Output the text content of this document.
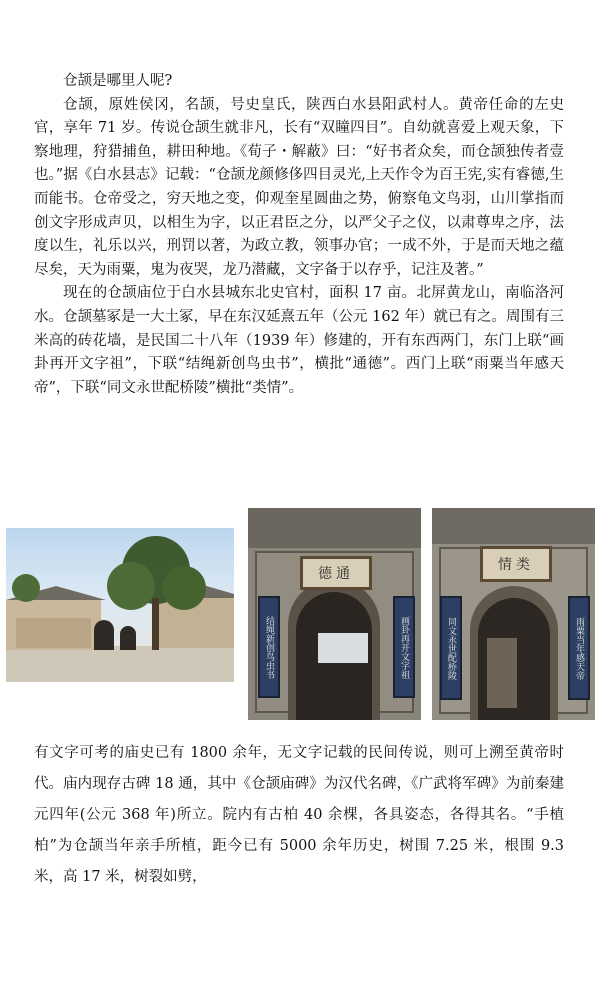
仓颉是哪里人呢?

仓颉，原姓侯冈，名颉，号史皇氏，陕西白水县阳武村人。黄帝任命的左史官，享年 71 岁。传说仓颉生就非凡，长有“双瞳四目”。自幼就喜爱上观天象，下察地理，狩猎捕鱼，耕田种地。《荀子・解蔽》曰：“好书者众矣，而仓颉独传者壹也。”据《白水县志》记载：“仓颉龙颜修侈四目灵光,上天作令为百王宪,实有睿德,生而能书。仓帝受之，穷天地之变，仰观奎星圆曲之势，俯察龟文鸟羽，山川掌指而创文字形成声贝，以相生为字，以正君臣之分，以严父子之仪，以肃尊卑之序，法度以生，礼乐以兴，刑罚以著，为政立教，领事办官；一成不外，于是而天地之蕴尽矣，天为雨粟，鬼为夜哭，龙乃潜藏，文字备于以存乎，记注及著。”

现在的仓颉庙位于白水县城东北史官村，面积 17 亩。北屏黄龙山，南临洛河水。仓颉墓冢是一大土冢，早在东汉延熹五年（公元 162 年）就已有之。周围有三米高的砖花墙，是民国二十八年（1939 年）修建的，开有东西两门，东门上联“画卦再开文字祖”，下联“结绳新创鸟虫书”，横批“通德”。西门上联“雨粟当年感天帝”，下联“同文永世配桥陵”横批“类情”。

德通
结绳新创鸟虫书	画卦再开文字祖
情类
同文永世配桥陵	雨粟当年感天帝

有文字可考的庙史已有 1800 余年，无文字记载的民间传说，则可上溯至黄帝时代。庙内现存古碑 18 通，其中《仓颉庙碑》为汉代名碑，《广武将军碑》为前秦建元四年(公元 368 年)所立。院内有古柏 40 余棵，各具姿态，各得其名。“手植柏”为仓颉当年亲手所植，距今已有 5000 余年历史，树围 7.25 米，根围 9.3 米，高 17 米，树裂如劈，
